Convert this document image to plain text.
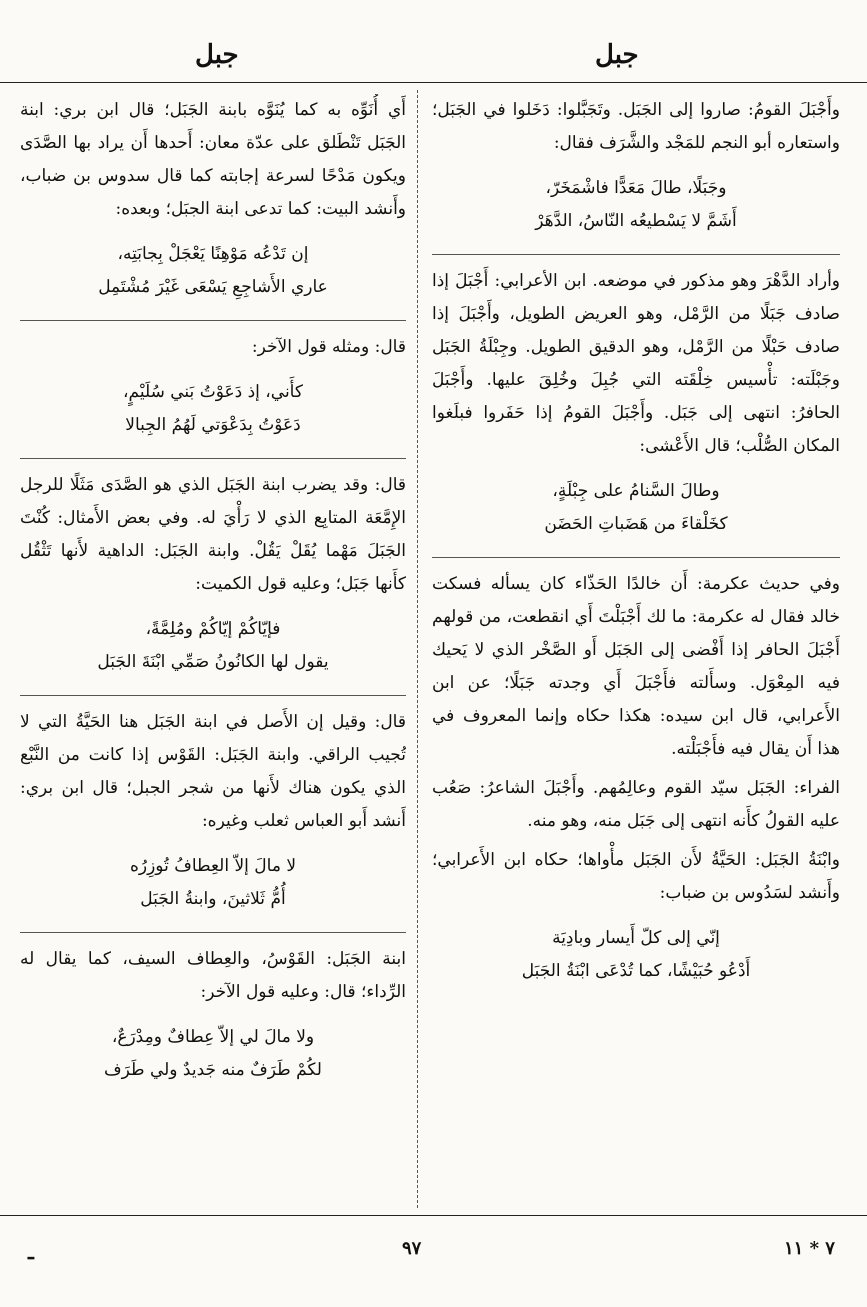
جبل
جبل

وأَجْبَلَ القومُ: صاروا إلى الجَبَل. وتَجَبَّلوا: دَخَلوا في الجَبَل؛ واستعاره أبو النجم للمَجْد والشَّرَف فقال:

وجَبَلًا، طالَ مَعَدًّا فاشْمَخَرّ،
أَشَمَّ لا يَسْطيعُه النّاسُ، الدَّهَرْ

وأراد الدَّهْرَ وهو مذكور في موضعه. ابن الأعرابي: أَجْبَلَ إذا صادف جَبَلًا من الرَّمْل، وهو العريض الطويل، وأَجْبَلَ إذا صادف حَبْلًا من الرَّمْل، وهو الدقيق الطويل. وجِبْلَةُ الجَبَل وجَبْلَته: تأْسيس خِلْقَته التي جُبِلَ وخُلِقَ عليها. وأَجْبَلَ الحافرُ: انتهى إلى جَبَل. وأَجْبَلَ القومُ إذا حَفَروا فبلَغوا المكان الصُّلْب؛ قال الأَعْشى:

وطالَ السَّنامُ على جِبْلَةٍ،
كخَلْقاءَ من هَضَباتِ الحَضَن

وفي حديث عكرمة: أَن خالدًا الحَذّاء كان يسأله فسكت خالد فقال له عكرمة: ما لك أَجْبَلْتَ أَي انقطعت، من قولهم أَجْبَلَ الحافر إذا أَفْضى إلى الجَبَل أَو الصَّخْر الذي لا يَحيك فيه المِعْوَل. وسأَلته فأَجْبَلَ أَي وجدته جَبَلًا؛ عن ابن الأَعرابي، قال ابن سيده: هكذا حكاه وإنما المعروف في هذا أَن يقال فيه فأَجْبَلْته.

الفراء: الجَبَل سيّد القوم وعالِمُهم. وأَجْبَلَ الشاعرُ: صَعُب عليه القولُ كأَنه انتهى إلى جَبَل منه، وهو منه.

وابْنَةُ الجَبَل: الحَيَّةُ لأَن الجَبَل مأْواها؛ حكاه ابن الأَعرابي؛ وأَنشد لسَدُوس بن ضباب:

إنّي إلى كلّ أَيسار وبادِيَة
أَدْعُو حُبَيْشًا، كما تُدْعَى ابْنَةُ الجَبَل

أَي أُنَوِّه به كما يُنَوَّه بابنة الجَبَل؛ قال ابن بري: ابنة الجَبَل تَنْطَلق على عدّة معان: أَحدها أَن يراد بها الصَّدَى ويكون مَدْحًا لسرعة إجابته كما قال سدوس بن ضباب، وأَنشد البيت: كما تدعى ابنة الجبَل؛ وبعده:

إن تَدْعُه مَوْهِنًا يَعْجَلْ بِجابَتِه،
عاري الأَشاجِعِ يَسْعَى غَيْرَ مُشْتَمِل

قال: ومثله قول الآخر:

كأَني، إذ دَعَوْتُ بَني سُلَيْمٍ،
دَعَوْتُ بِدَعْوَتي لَهُمُ الجِبالا

قال: وقد يضرب ابنة الجَبَل الذي هو الصَّدَى مَثَلًا للرجل الإِمَّعَة المتابِع الذي لا رَأْيَ له. وفي بعض الأَمثال: كُنْتَ الجَبَلَ مَهْما يُقَلْ يَقُلْ. وابنة الجَبَل: الداهية لأَنها تَثْقُل كأَنها جَبَل؛ وعليه قول الكميت:

فإيّاكُمْ إيّاكُمْ ومُلِمَّةً،
يقول لها الكانُونُ صَمِّي ابْنَةَ الجَبَل

قال: وقيل إن الأَصل في ابنة الجَبَل هنا الحَيَّةُ التي لا تُجيب الراقي. وابنة الجَبَل: القَوْس إذا كانت من النَّبْع الذي يكون هناك لأَنها من شجر الجبل؛ قال ابن بري: أَنشد أَبو العباس ثعلب وغيره:

لا مالَ إلاّ العِطافُ تُوزِرُه
أُمُّ ثَلاثينَ، وابنةُ الجَبَل

ابنة الجَبَل: القَوْسُ، والعِطاف السيف، كما يقال له الرِّداء؛ قال: وعليه قول الآخر:

ولا مالَ لي إلاّ عِطافٌ ومِدْرَعٌ،
لكُمْ طَرَفٌ منه جَديدٌ ولي طَرَف
٩٧	٧ * ١١
ـ
